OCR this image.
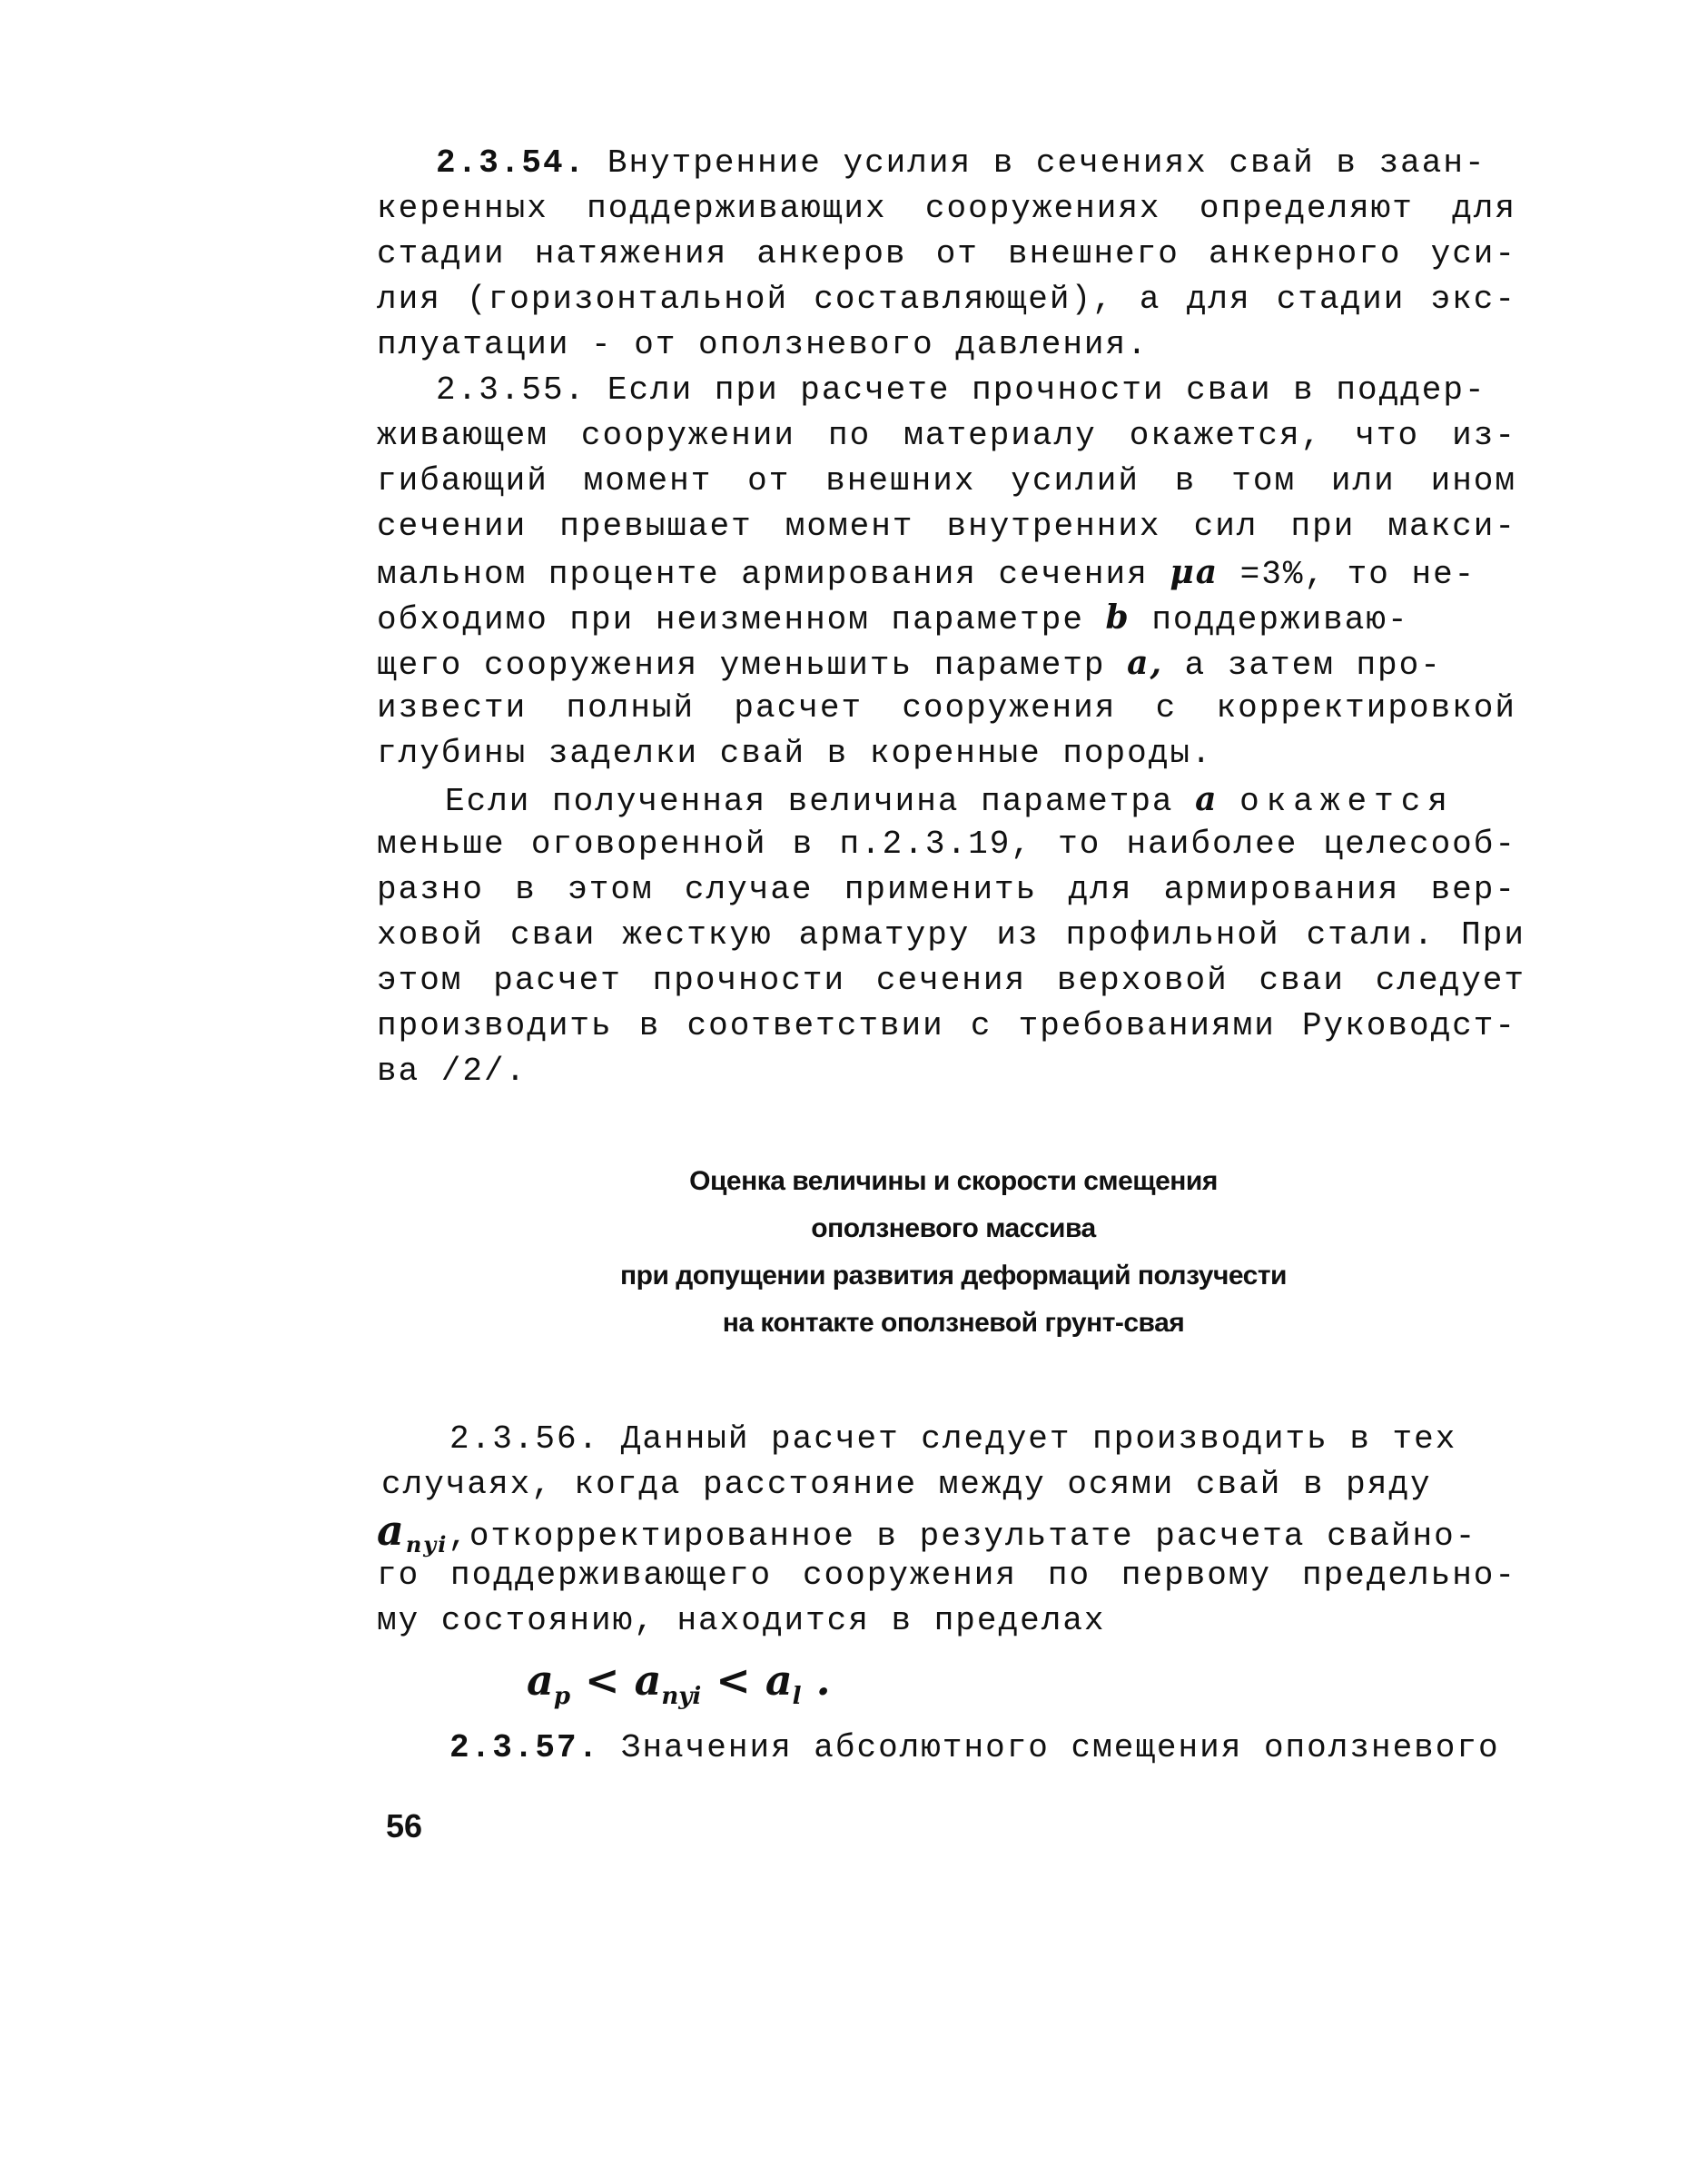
2.3.54. Внутренние усилия в сечениях свай в заан-
керенных поддерживающих сооружениях определяют для
стадии натяжения анкеров от внешнего анкерного уси-
лия (горизонтальной составляющей), а для стадии экс-
плуатации - от оползневого давления.
2.3.55. Если при расчете прочности сваи в поддер-
живающем сооружении по материалу окажется, что из-
гибающий момент от внешних усилий в том или ином
сечении превышает момент внутренних сил при макси-
мальном проценте армирования сечения μa =3%, то не-
обходимо при неизменном параметре b поддерживаю-
щего сооружения уменьшить параметр a, а затем про-
извести полный расчет сооружения с корректировкой
глубины заделки свай в коренные породы.
Если полученная величина параметра a окажется
меньше оговоренной в п.2.3.19, то наиболее целесооб-
разно в этом случае применить для армирования вер-
ховой сваи жесткую арматуру из профильной стали. При
этом расчет прочности сечения верховой сваи следует
производить в соответствии с требованиями Руководст-
ва /2/.
Оценка величины и скорости смещения
оползневого массива
при допущении развития деформаций ползучести
на контакте оползневой грунт-свая
2.3.56. Данный расчет следует производить в тех
случаях, когда расстояние между осями свай в ряду
$a_{nyi},откорректированное$ в результате расчета свайно-
го поддерживающего сооружения по первому предельно-
му состоянию, находится в пределах
$a_p < a_{nyi} < a_l$ .
2.3.57. Значения абсолютного смещения оползневого
56
